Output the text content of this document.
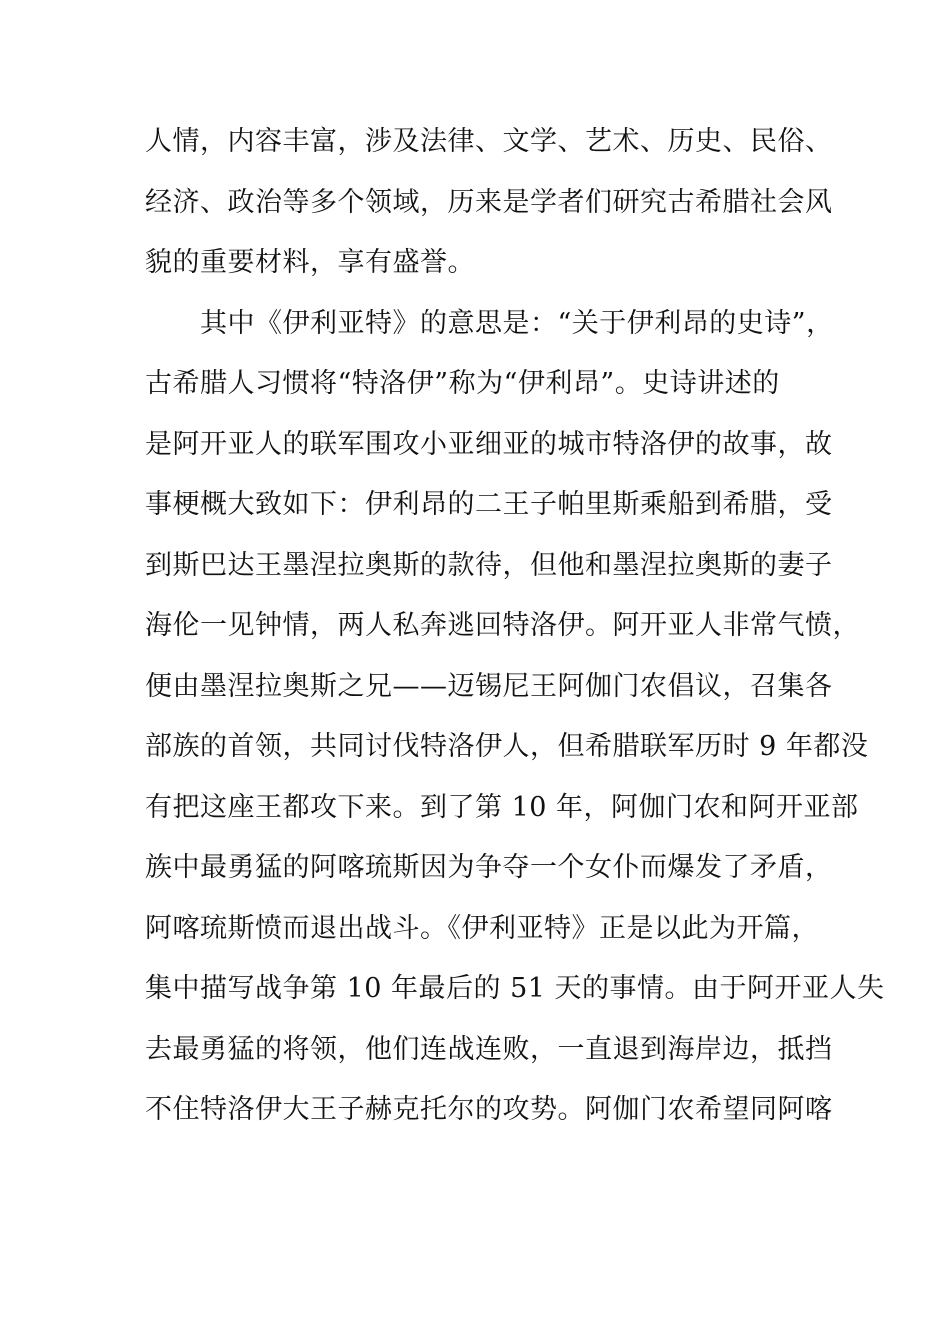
人情，内容丰富，涉及法律、文学、艺术、历史、民俗、
经济、政治等多个领域，历来是学者们研究古希腊社会风
貌的重要材料，享有盛誉。
　　其中《伊利亚特》的意思是：“关于伊利昂的史诗”，
古希腊人习惯将“特洛伊”称为“伊利昂”。史诗讲述的
是阿开亚人的联军围攻小亚细亚的城市特洛伊的故事，故
事梗概大致如下：伊利昂的二王子帕里斯乘船到希腊，受
到斯巴达王墨涅拉奥斯的款待，但他和墨涅拉奥斯的妻子
海伦一见钟情，两人私奔逃回特洛伊。阿开亚人非常气愤，
便由墨涅拉奥斯之兄——迈锡尼王阿伽门农倡议，召集各
部族的首领，共同讨伐特洛伊人，但希腊联军历时 9 年都没
有把这座王都攻下来。到了第 10 年，阿伽门农和阿开亚部
族中最勇猛的阿喀琉斯因为争夺一个女仆而爆发了矛盾，
阿喀琉斯愤而退出战斗。《伊利亚特》正是以此为开篇，
集中描写战争第 10 年最后的 51 天的事情。由于阿开亚人失
去最勇猛的将领，他们连战连败，一直退到海岸边，抵挡
不住特洛伊大王子赫克托尔的攻势。阿伽门农希望同阿喀
